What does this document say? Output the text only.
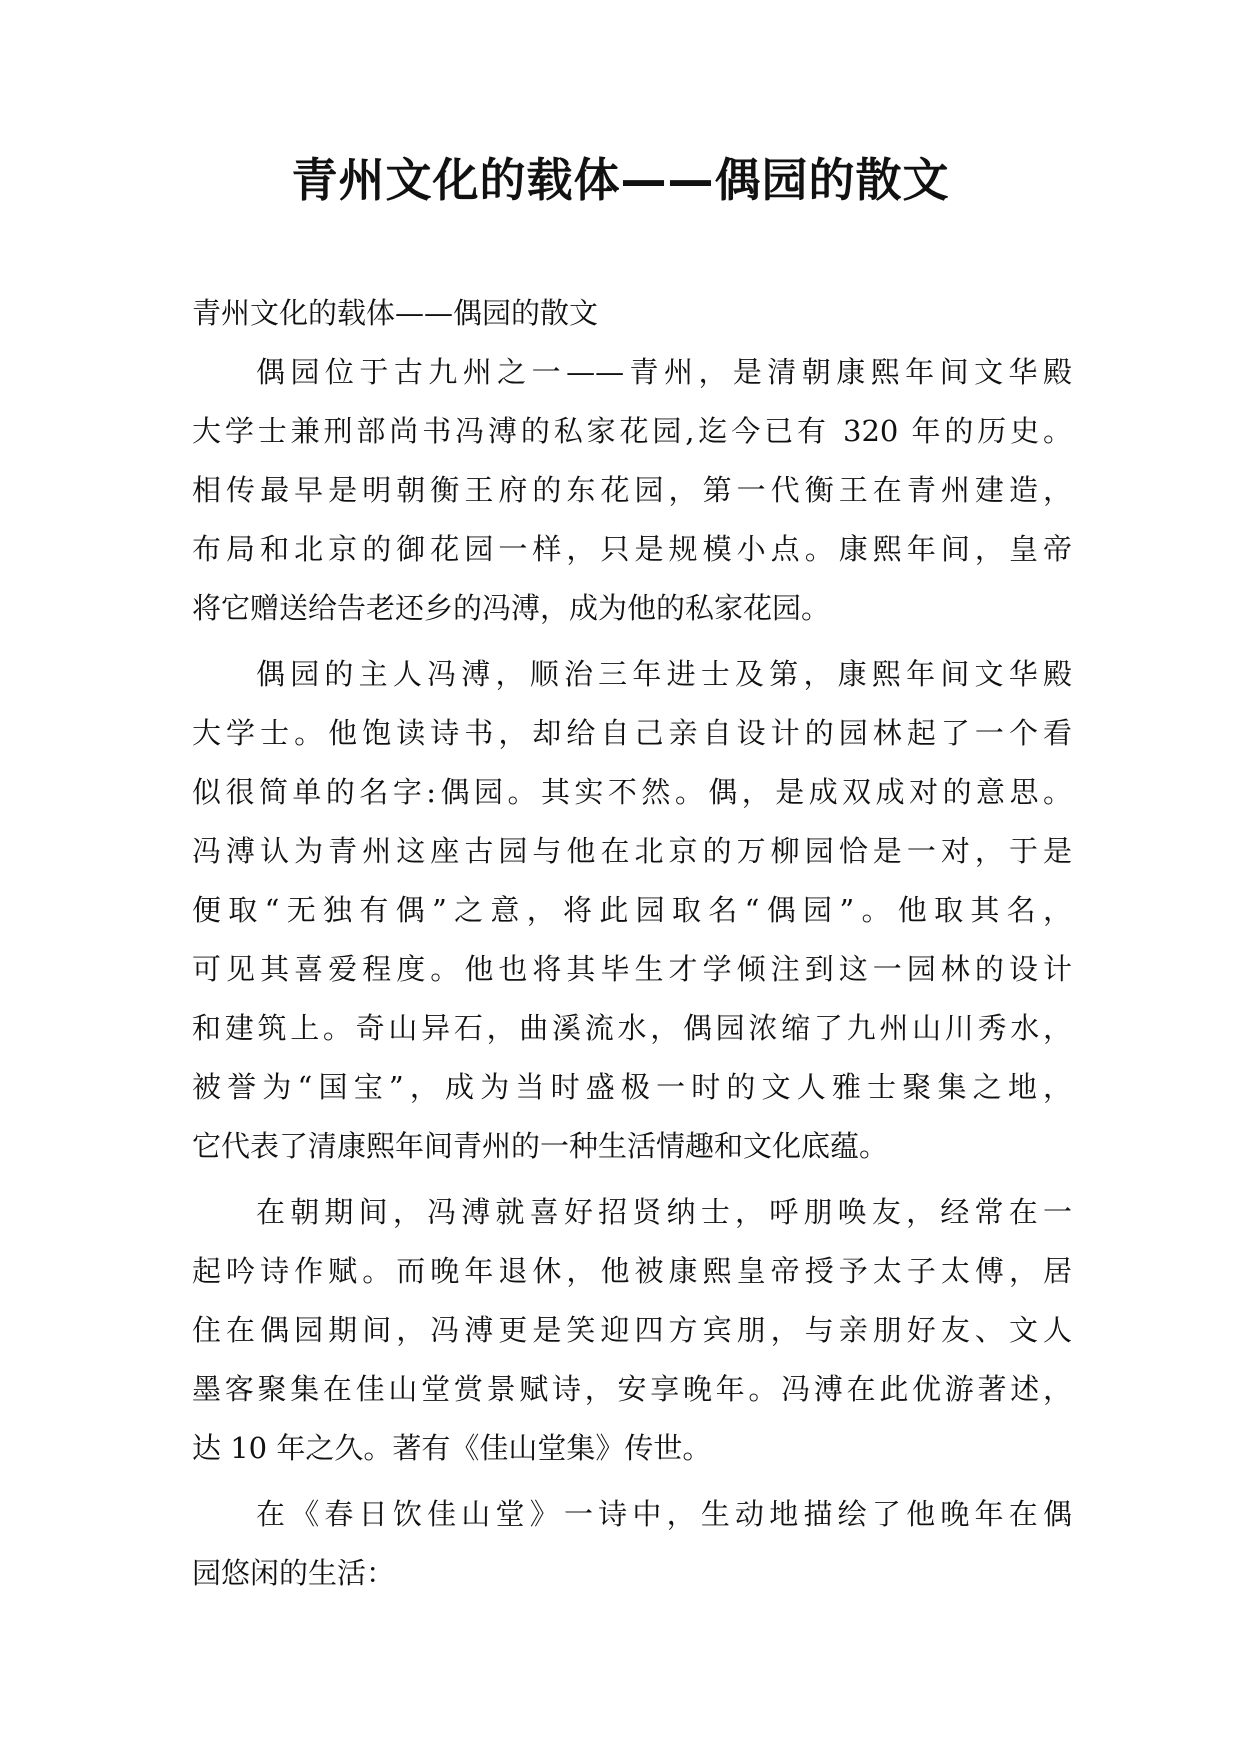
青州文化的载体——偶园的散文

青州文化的载体——偶园的散文

偶园位于古九州之一——青州，是清朝康熙年间文华殿

大学士兼刑部尚书冯溥的私家花园,迄今已有 320 年的历史。

相传最早是明朝衡王府的东花园，第一代衡王在青州建造，

布局和北京的御花园一样，只是规模小点。康熙年间，皇帝

将它赠送给告老还乡的冯溥，成为他的私家花园。

偶园的主人冯溥，顺治三年进士及第，康熙年间文华殿

大学士。他饱读诗书，却给自己亲自设计的园林起了一个看

似很简单的名字:偶园。其实不然。偶，是成双成对的意思。

冯溥认为青州这座古园与他在北京的万柳园恰是一对，于是

便取“无独有偶”之意，将此园取名“偶园”。他取其名，

可见其喜爱程度。他也将其毕生才学倾注到这一园林的设计

和建筑上。奇山异石，曲溪流水，偶园浓缩了九州山川秀水，

被誉为“国宝”，成为当时盛极一时的文人雅士聚集之地，

它代表了清康熙年间青州的一种生活情趣和文化底蕴。

在朝期间，冯溥就喜好招贤纳士，呼朋唤友，经常在一

起吟诗作赋。而晚年退休，他被康熙皇帝授予太子太傅，居

住在偶园期间，冯溥更是笑迎四方宾朋，与亲朋好友、文人

墨客聚集在佳山堂赏景赋诗，安享晚年。冯溥在此优游著述，

达 10 年之久。著有《佳山堂集》传世。

在《春日饮佳山堂》一诗中，生动地描绘了他晚年在偶

园悠闲的生活：
